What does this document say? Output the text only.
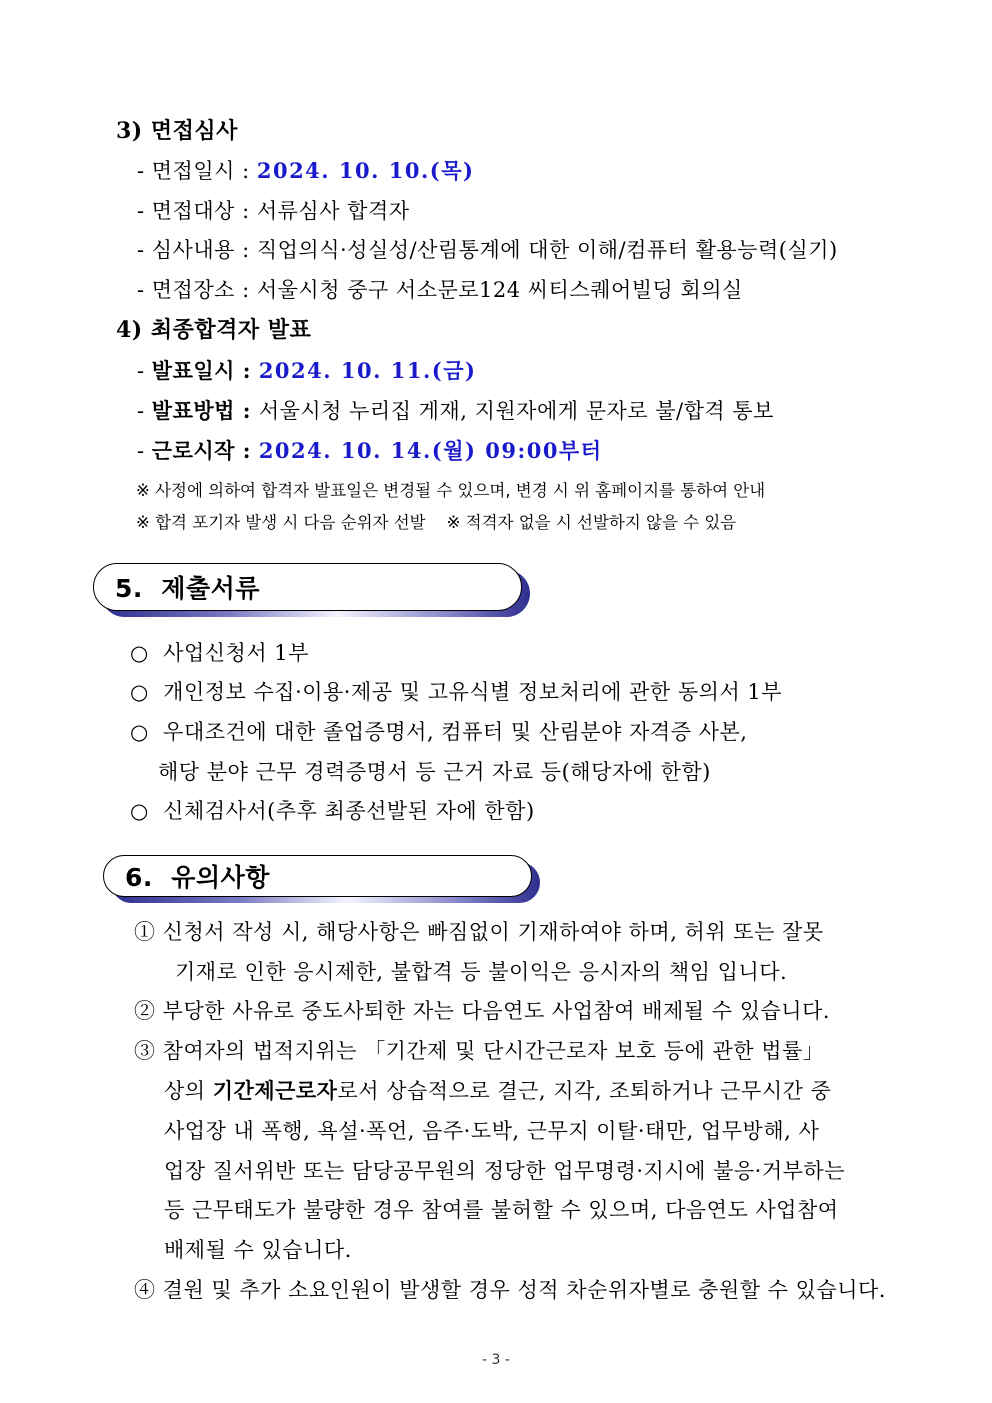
3) 면접심사
- 면접일시 : 2024. 10. 10.(목)
- 면접대상 : 서류심사 합격자
- 심사내용 : 직업의식·성실성/산림통계에 대한 이해/컴퓨터 활용능력(실기)
- 면접장소 : 서울시청 중구 서소문로124 씨티스퀘어빌딩 회의실
4) 최종합격자 발표
- 발표일시 : 2024. 10. 11.(금)
- 발표방법 : 서울시청 누리집 게재, 지원자에게 문자로 불/합격 통보
- 근로시작 : 2024. 10. 14.(월) 09:00부터
※ 사정에 의하여 합격자 발표일은 변경될 수 있으며, 변경 시 위 홈페이지를 통하여 안내
※ 합격 포기자 발생 시 다음 순위자 선발    ※ 적격자 없을 시 선발하지 않을 수 있음
5.  제출서류
○  사업신청서 1부
○  개인정보 수집·이용·제공 및 고유식별 정보처리에 관한 동의서 1부
○  우대조건에 대한 졸업증명서, 컴퓨터 및 산림분야 자격증 사본,
해당 분야 근무 경력증명서 등 근거 자료 등(해당자에 한함)
○  신체검사서(추후 최종선발된 자에 한함)
6.  유의사항
① 신청서 작성 시, 해당사항은 빠짐없이 기재하여야 하며, 허위 또는 잘못
기재로 인한 응시제한, 불합격 등 불이익은 응시자의 책임 입니다.
② 부당한 사유로 중도사퇴한 자는 다음연도 사업참여 배제될 수 있습니다.
③ 참여자의 법적지위는 「기간제 및 단시간근로자 보호 등에 관한 법률」
상의 기간제근로자로서 상습적으로 결근, 지각, 조퇴하거나 근무시간 중
사업장 내 폭행, 욕설·폭언, 음주·도박, 근무지 이탈·태만, 업무방해, 사
업장 질서위반 또는 담당공무원의 정당한 업무명령·지시에 불응·거부하는
등 근무태도가 불량한 경우 참여를 불허할 수 있으며, 다음연도 사업참여
배제될 수 있습니다.
④ 결원 및 추가 소요인원이 발생할 경우 성적 차순위자별로 충원할 수 있습니다.
- 3 -
